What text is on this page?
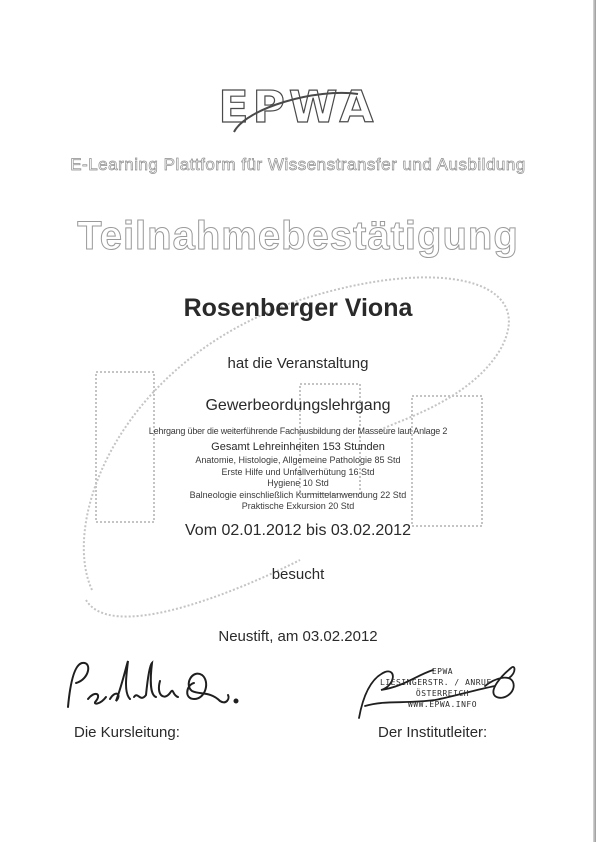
EPWA
E-Learning Plattform für Wissenstransfer und Ausbildung
Teilnahmebestätigung
Rosenberger Viona
hat die Veranstaltung
Gewerbeordungslehrgang
Lehrgang über die weiterführende Fachausbildung der Masseure laut Anlage 2
Gesamt Lehreinheiten 153 Stunden
Anatomie, Histologie, Allgemeine Pathologie 85 Std
Erste Hilfe und Unfallverhütung 16 Std
Hygiene 10 Std
Balneologie einschließlich Kurmittelanwendung 22 Std
Praktische Exkursion 20 Std
Vom 02.01.2012 bis 03.02.2012
besucht
Neustift, am 03.02.2012
EPWA
LIESINGERSTR. / ANRUF
ÖSTERREICH
WWW.EPWA.INFO
Die Kursleitung:	Der Institutleiter:
